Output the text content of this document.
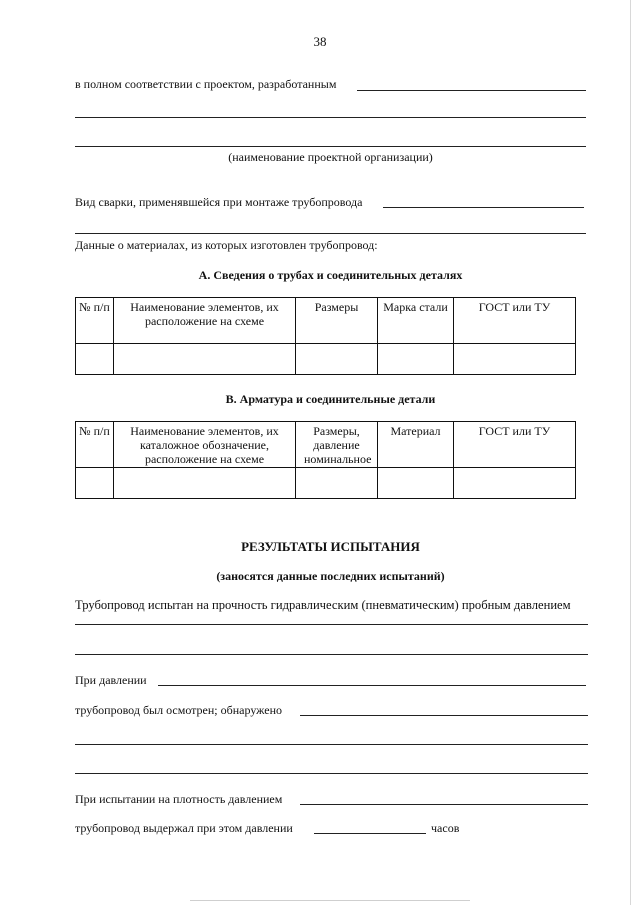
38
в полном соответствии с проектом, разработанным
(наименование проектной организации)
Вид сварки, применявшейся при монтаже трубопровода
Данные о материалах, из которых изготовлен трубопровод:
А. Сведения о трубах и соединительных деталях
№ п/п	Наименование элементов, их расположение на схеме	Размеры	Марка стали	ГОСТ или ТУ

В. Арматура и соединительные детали
№ п/п	Наименование элементов, их каталожное обозначение, расположение на схеме	Размеры, давление номинальное	Материал	ГОСТ или ТУ

РЕЗУЛЬТАТЫ ИСПЫТАНИЯ
(заносятся данные последних испытаний)
Трубопровод испытан на прочность гидравлическим (пневматическим) пробным давлением
При давлении
трубопровод был осмотрен; обнаружено
При испытании на плотность давлением
трубопровод выдержал при этом давлении	часов
